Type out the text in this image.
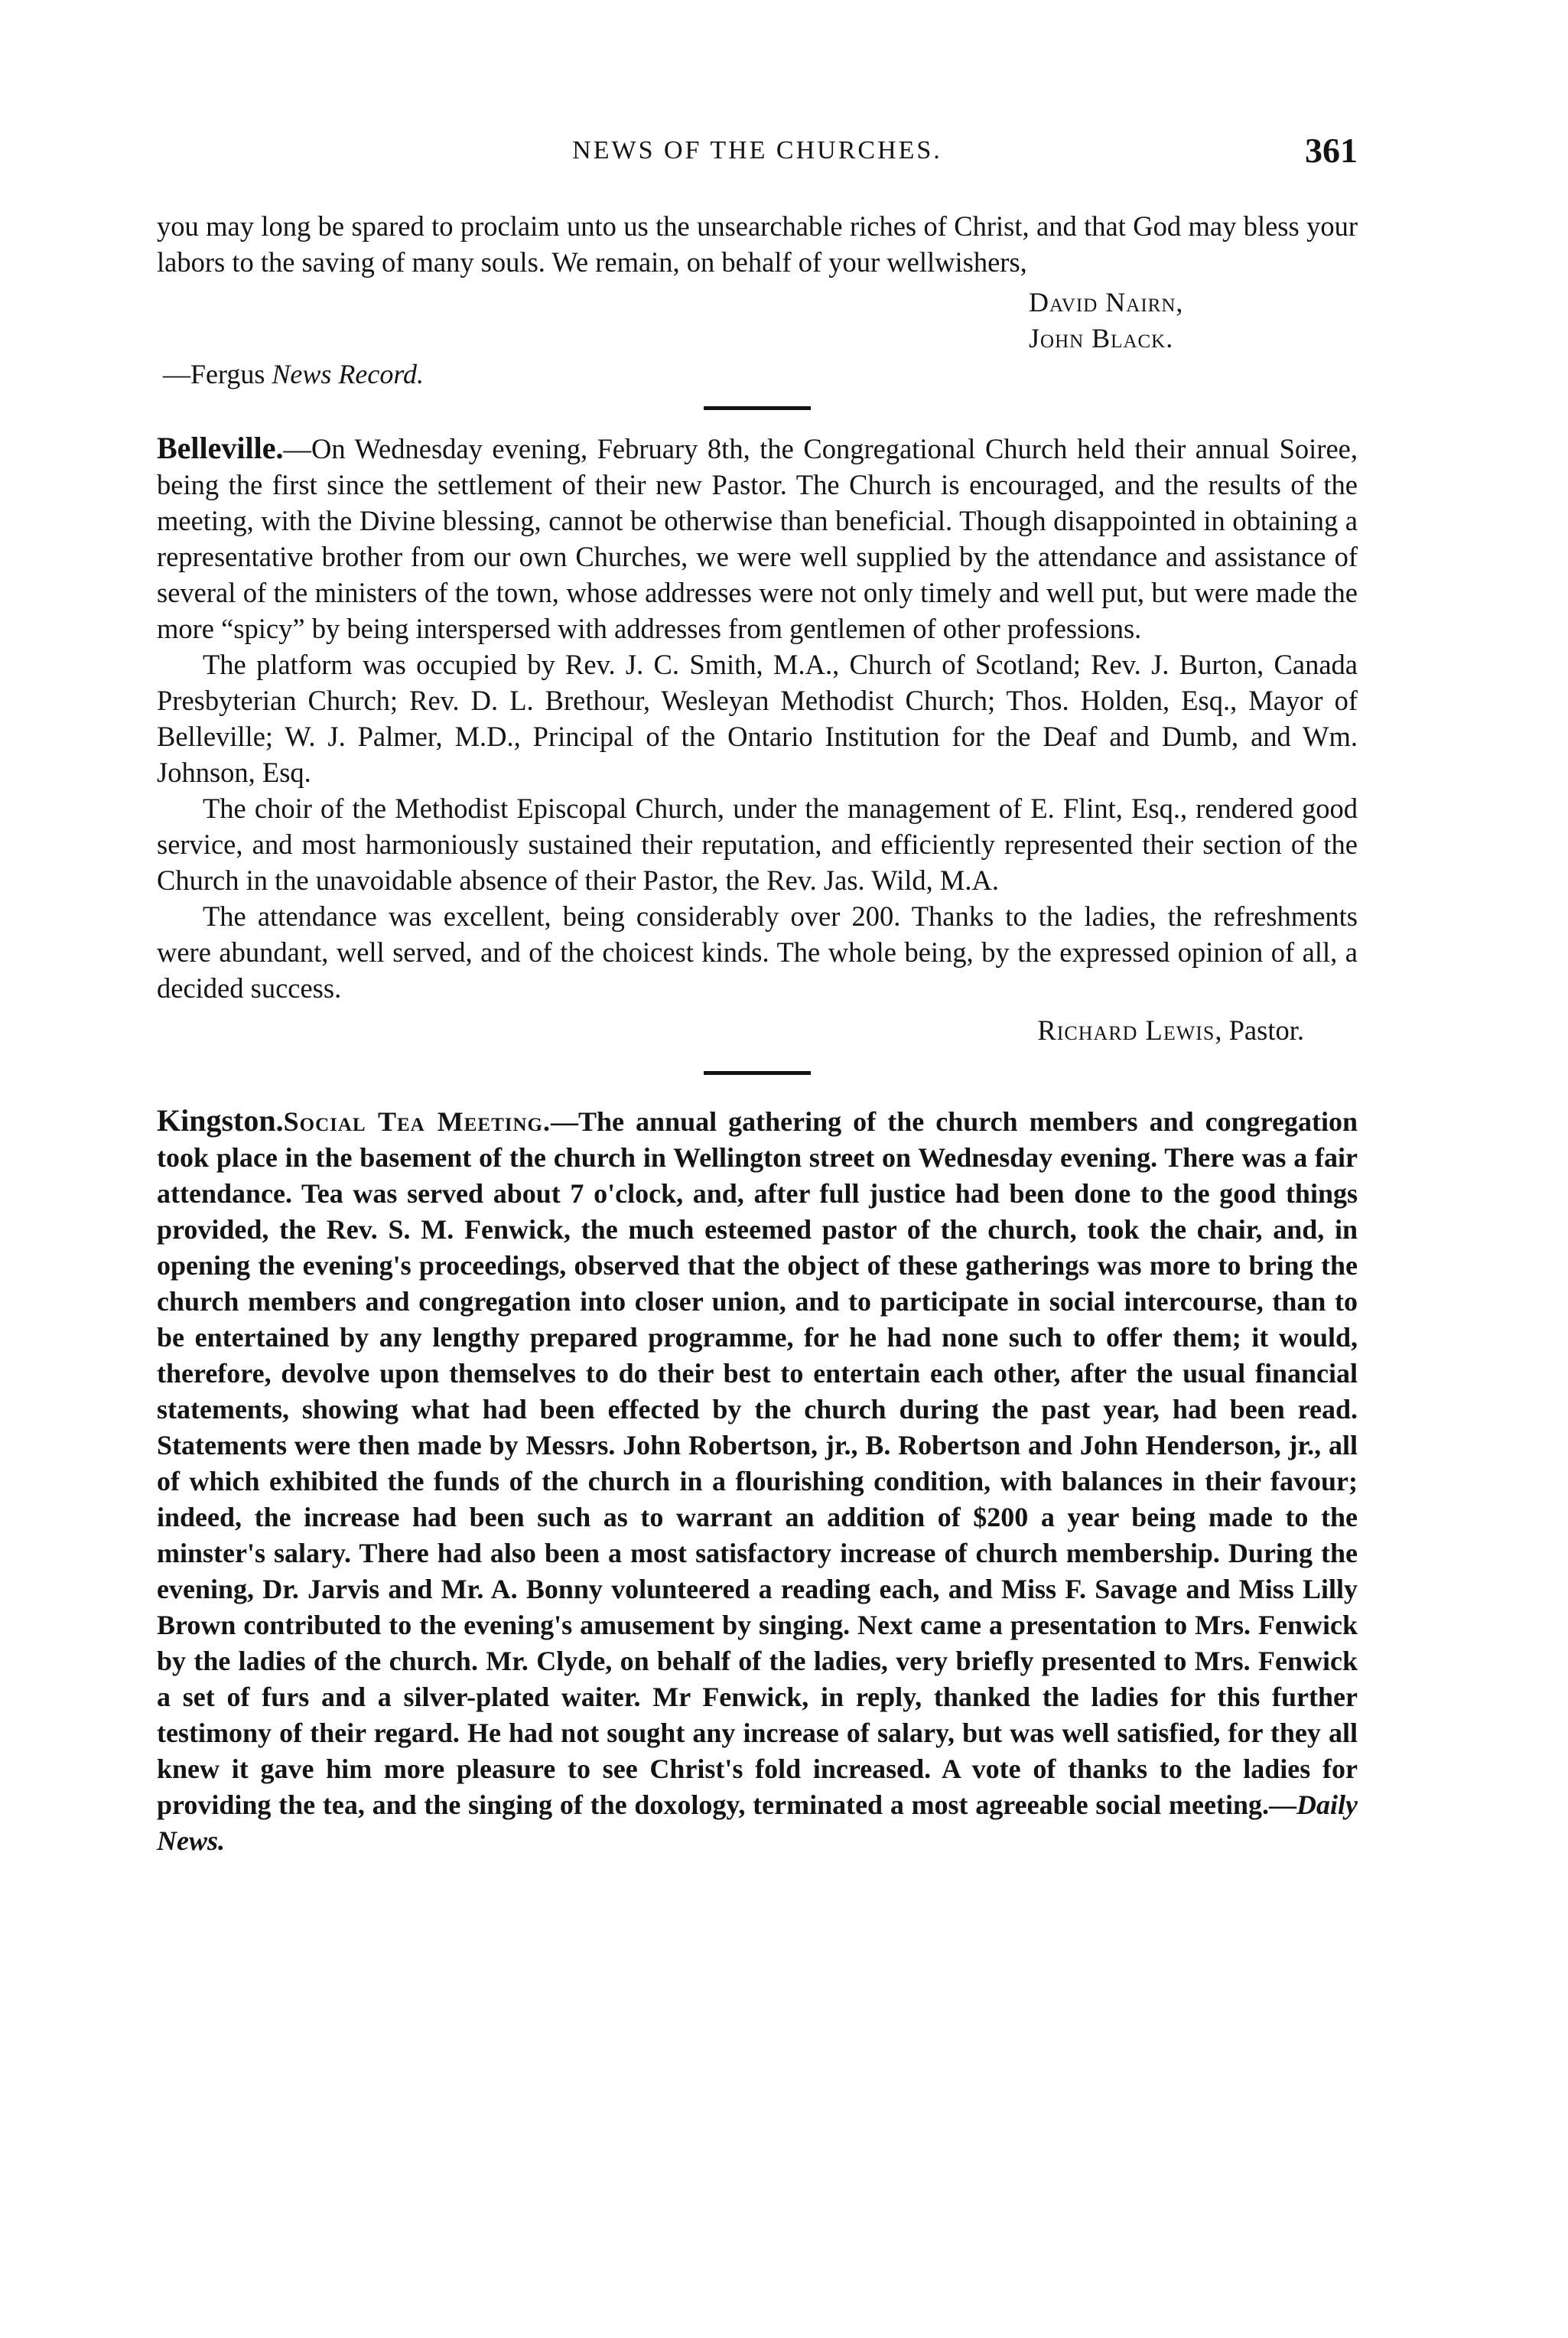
NEWS OF THE CHURCHES.	361

you may long be spared to proclaim unto us the unsearchable riches of Christ, and that God may bless your labors to the saving of many souls. We remain, on behalf of your wellwishers,

David Nairn,
John Black.
—Fergus News Record.

Belleville.—On Wednesday evening, February 8th, the Congregational Church held their annual Soiree, being the first since the settlement of their new Pastor. The Church is encouraged, and the results of the meeting, with the Divine blessing, cannot be otherwise than beneficial. Though disappointed in obtaining a representative brother from our own Churches, we were well supplied by the attendance and assistance of several of the ministers of the town, whose addresses were not only timely and well put, but were made the more “spicy” by being interspersed with addresses from gentlemen of other professions.

The platform was occupied by Rev. J. C. Smith, M.A., Church of Scotland; Rev. J. Burton, Canada Presbyterian Church; Rev. D. L. Brethour, Wesleyan Methodist Church; Thos. Holden, Esq., Mayor of Belleville; W. J. Palmer, M.D., Principal of the Ontario Institution for the Deaf and Dumb, and Wm. Johnson, Esq.

The choir of the Methodist Episcopal Church, under the management of E. Flint, Esq., rendered good service, and most harmoniously sustained their reputation, and efficiently represented their section of the Church in the unavoidable absence of their Pastor, the Rev. Jas. Wild, M.A.

The attendance was excellent, being considerably over 200. Thanks to the ladies, the refreshments were abundant, well served, and of the choicest kinds. The whole being, by the expressed opinion of all, a decided success.

Richard Lewis, Pastor.

Kingston.Social Tea Meeting.—The annual gathering of the church members and congregation took place in the basement of the church in Wellington street on Wednesday evening. There was a fair attendance. Tea was served about 7 o'clock, and, after full justice had been done to the good things provided, the Rev. S. M. Fenwick, the much esteemed pastor of the church, took the chair, and, in opening the evening's proceedings, observed that the object of these gatherings was more to bring the church members and congregation into closer union, and to participate in social intercourse, than to be entertained by any lengthy prepared programme, for he had none such to offer them; it would, therefore, devolve upon themselves to do their best to entertain each other, after the usual financial statements, showing what had been effected by the church during the past year, had been read. Statements were then made by Messrs. John Robertson, jr., B. Robertson and John Henderson, jr., all of which exhibited the funds of the church in a flourishing condition, with balances in their favour; indeed, the increase had been such as to warrant an addition of $200 a year being made to the minster's salary. There had also been a most satisfactory increase of church membership. During the evening, Dr. Jarvis and Mr. A. Bonny volunteered a reading each, and Miss F. Savage and Miss Lilly Brown contributed to the evening's amusement by singing. Next came a presentation to Mrs. Fenwick by the ladies of the church. Mr. Clyde, on behalf of the ladies, very briefly presented to Mrs. Fenwick a set of furs and a silver-plated waiter. Mr Fenwick, in reply, thanked the ladies for this further testimony of their regard. He had not sought any increase of salary, but was well satisfied, for they all knew it gave him more pleasure to see Christ's fold increased. A vote of thanks to the ladies for providing the tea, and the singing of the doxology, terminated a most agreeable social meeting.—Daily News.
